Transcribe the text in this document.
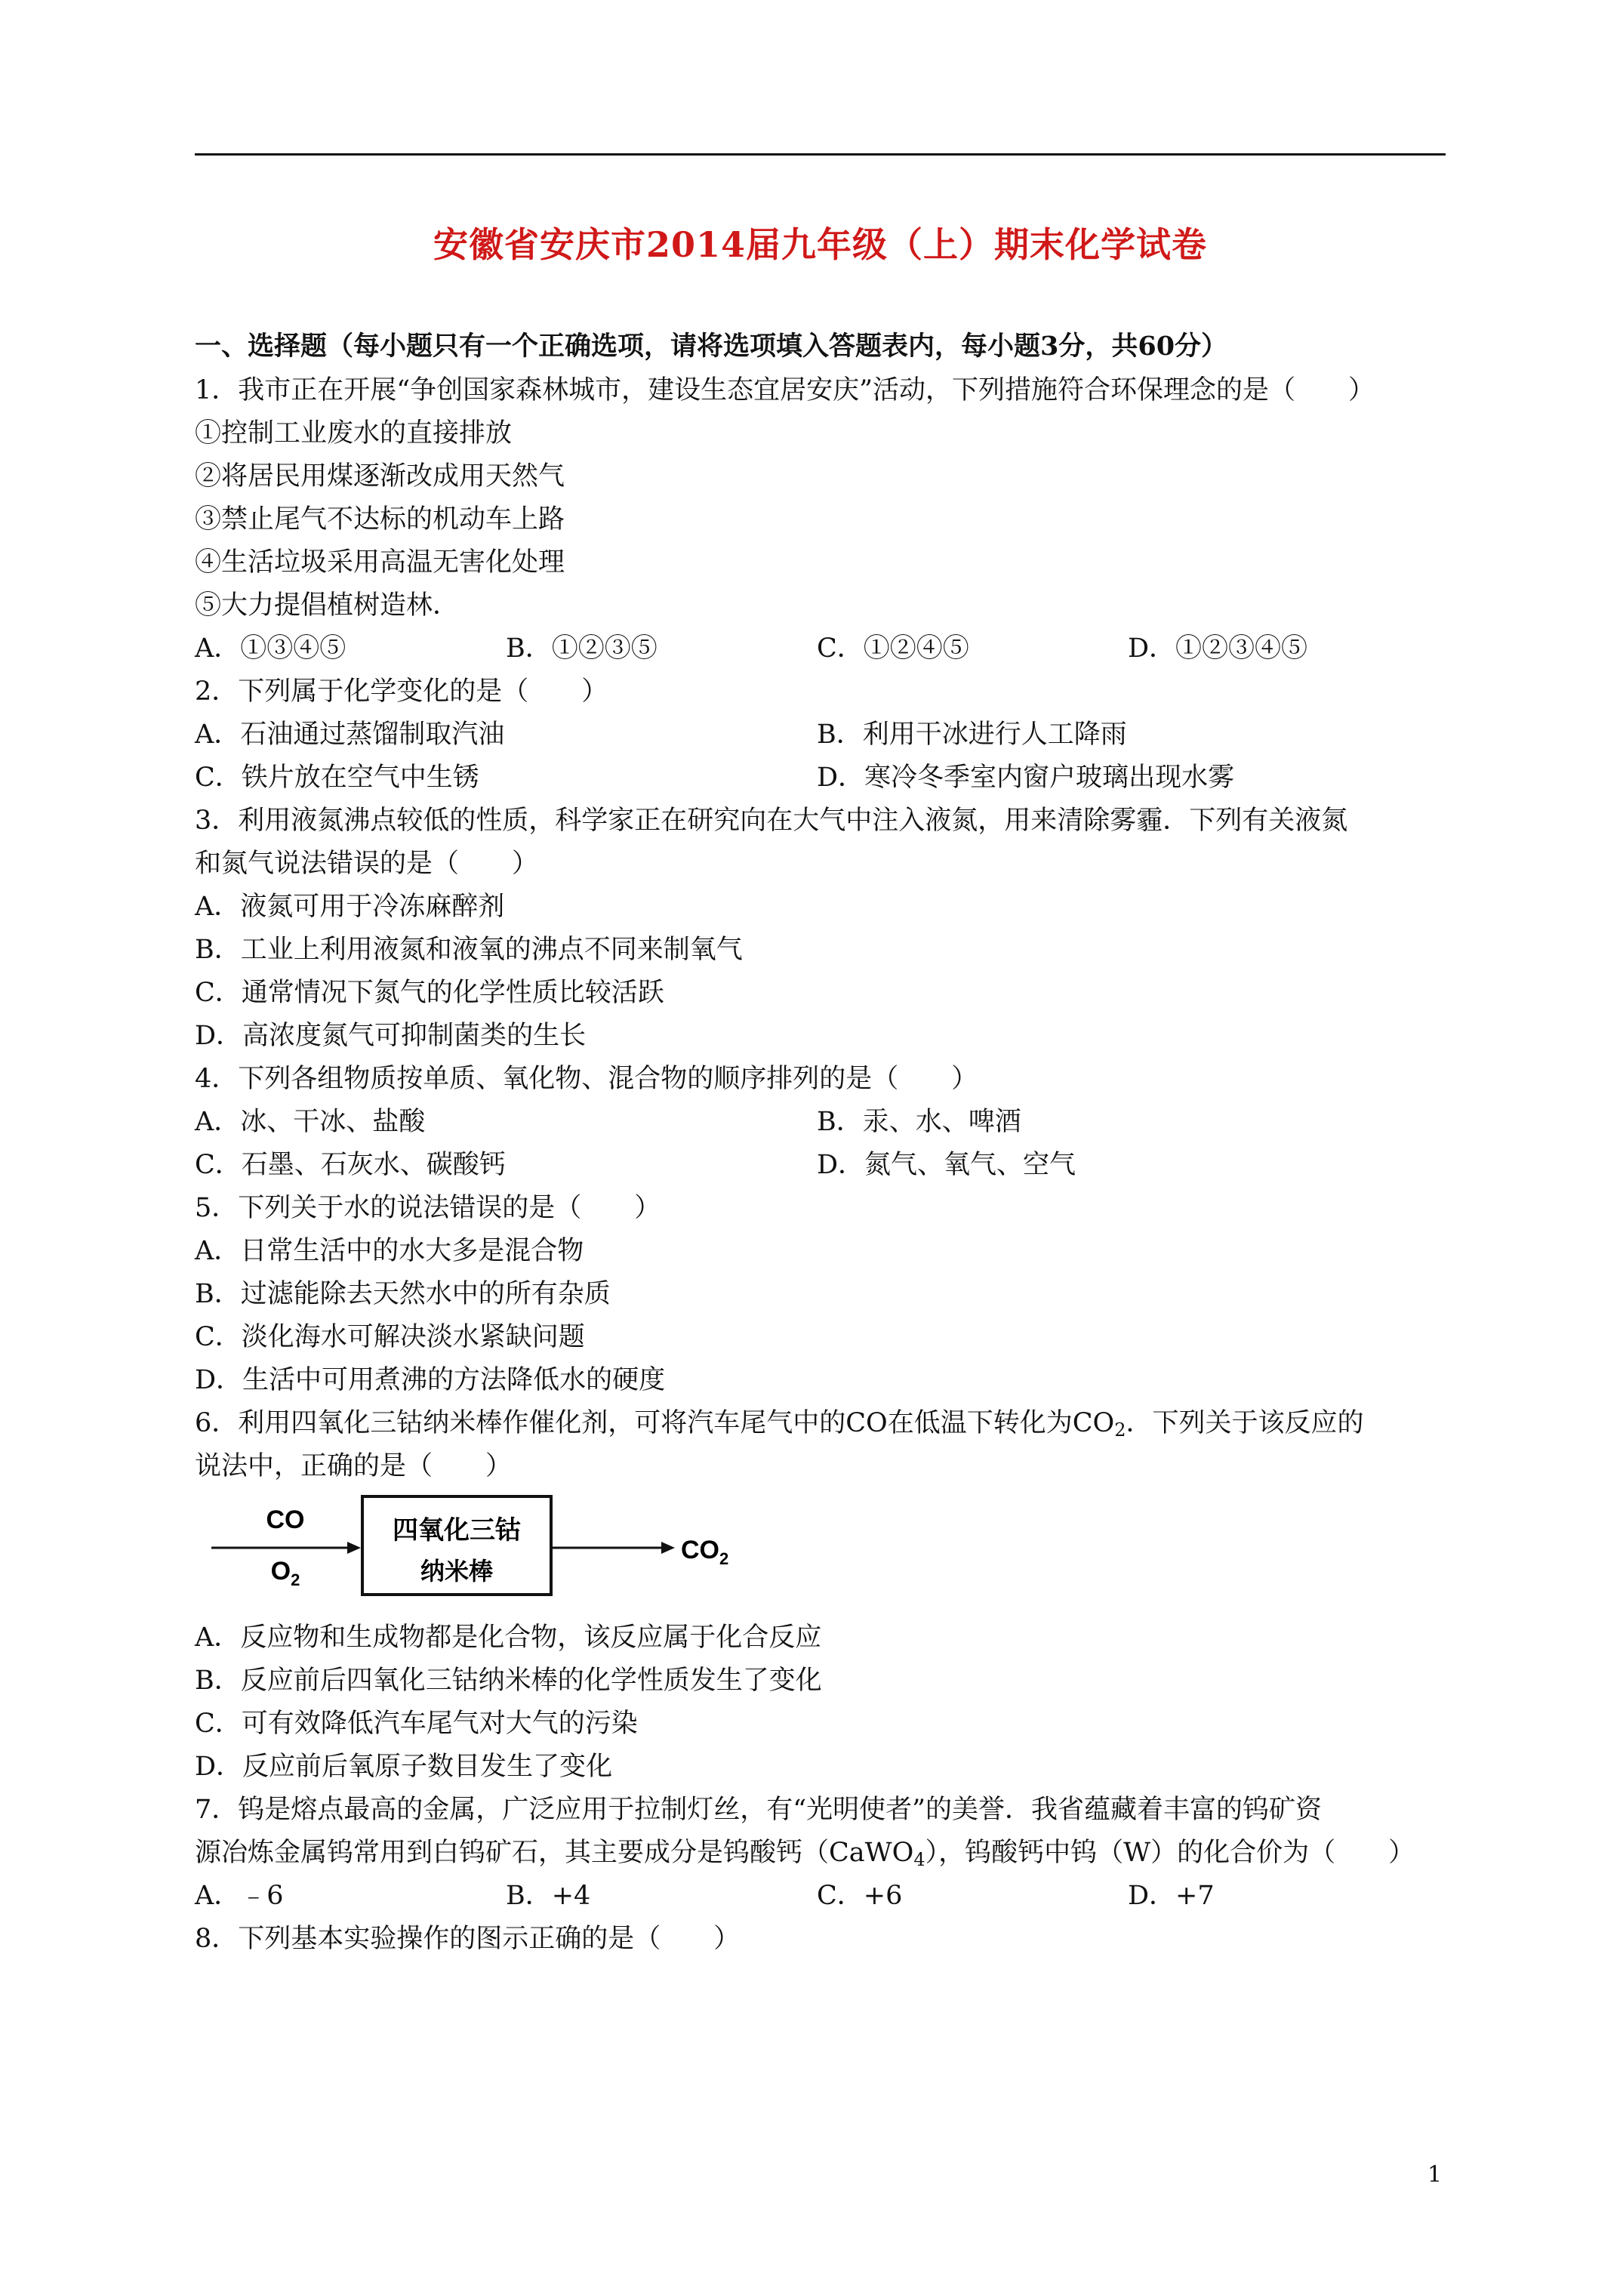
安徽省安庆市2014届九年级（上）期末化学试卷
一、选择题（每小题只有一个正确选项，请将选项填入答题表内，每小题3分，共60分）
1．我市正在开展“争创国家森林城市，建设生态宜居安庆”活动，下列措施符合环保理念的是（　　）
①控制工业废水的直接排放
②将居民用煤逐渐改成用天然气
③禁止尾气不达标的机动车上路
④生活垃圾采用高温无害化处理
⑤大力提倡植树造林．
A．①③④⑤	B．①②③⑤	C．①②④⑤	D．①②③④⑤
2．下列属于化学变化的是（　　）
A．石油通过蒸馏制取汽油	B．利用干冰进行人工降雨
C．铁片放在空气中生锈	D．寒冷冬季室内窗户玻璃出现水雾
3．利用液氮沸点较低的性质，科学家正在研究向在大气中注入液氮，用来清除雾霾．下列有关液氮
和氮气说法错误的是（　　）
A．液氮可用于冷冻麻醉剂
B．工业上利用液氮和液氧的沸点不同来制氧气
C．通常情况下氮气的化学性质比较活跃
D．高浓度氮气可抑制菌类的生长
4．下列各组物质按单质、氧化物、混合物的顺序排列的是（　　）
A．冰、干冰、盐酸	B．汞、水、啤酒
C．石墨、石灰水、碳酸钙	D．氮气、氧气、空气
5．下列关于水的说法错误的是（　　）
A．日常生活中的水大多是混合物
B．过滤能除去天然水中的所有杂质
C．淡化海水可解决淡水紧缺问题
D．生活中可用煮沸的方法降低水的硬度
6．利用四氧化三钴纳米棒作催化剂，可将汽车尾气中的CO在低温下转化为$CO_2$．下列关于该反应的
说法中，正确的是（　　）
CO
$O_2$
四氧化三钴
纳米棒
$CO_2$
A．反应物和生成物都是化合物，该反应属于化合反应
B．反应前后四氧化三钴纳米棒的化学性质发生了变化
C．可有效降低汽车尾气对大气的污染
D．反应前后氧原子数目发生了变化
7．钨是熔点最高的金属，广泛应用于拉制灯丝，有“光明使者”的美誉．我省蕴藏着丰富的钨矿资
源冶炼金属钨常用到白钨矿石，其主要成分是钨酸钙（CaWO$_4$），钨酸钙中钨（W）的化合价为（　　）
A．﹣6	B．+4	C．+6	D．+7
8．下列基本实验操作的图示正确的是（　　）
1
